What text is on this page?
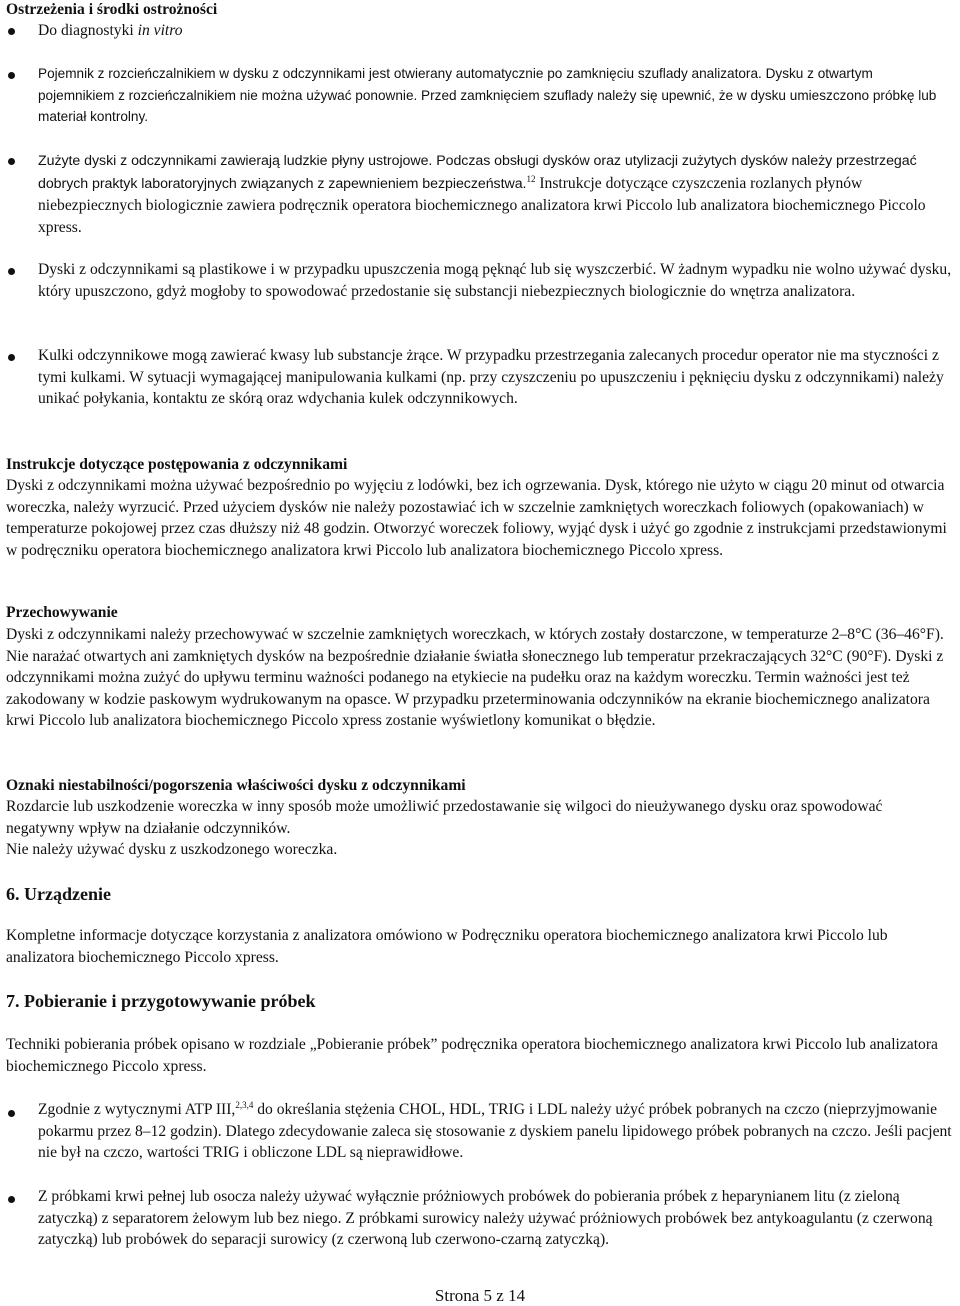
Ostrzeżenia i środki ostrożności

Do diagnostyki in vitro

Pojemnik z rozcieńczalnikiem w dysku z odczynnikami jest otwierany automatycznie po zamknięciu szuflady analizatora. Dysku z otwartym pojemnikiem z rozcieńczalnikiem nie można używać ponownie. Przed zamknięciem szuflady należy się upewnić, że w dysku umieszczono próbkę lub materiał kontrolny.

Zużyte dyski z odczynnikami zawierają ludzkie płyny ustrojowe. Podczas obsługi dysków oraz utylizacji zużytych dysków należy przestrzegać dobrych praktyk laboratoryjnych związanych z zapewnieniem bezpieczeństwa.$^{12}$ Instrukcje dotyczące czyszczenia rozlanych płynów niebezpiecznych biologicznie zawiera podręcznik operatora biochemicznego analizatora krwi Piccolo lub analizatora biochemicznego Piccolo xpress.

Dyski z odczynnikami są plastikowe i w przypadku upuszczenia mogą pęknąć lub się wyszczerbić. W żadnym wypadku nie wolno używać dysku, który upuszczono, gdyż mogłoby to spowodować przedostanie się substancji niebezpiecznych biologicznie do wnętrza analizatora.

Kulki odczynnikowe mogą zawierać kwasy lub substancje żrące. W przypadku przestrzegania zalecanych procedur operator nie ma styczności z tymi kulkami. W sytuacji wymagającej manipulowania kulkami (np. przy czyszczeniu po upuszczeniu i pęknięciu dysku z odczynnikami) należy unikać połykania, kontaktu ze skórą oraz wdychania kulek odczynnikowych.

Instrukcje dotyczące postępowania z odczynnikami

Dyski z odczynnikami można używać bezpośrednio po wyjęciu z lodówki, bez ich ogrzewania. Dysk, którego nie użyto w ciągu 20 minut od otwarcia woreczka, należy wyrzucić. Przed użyciem dysków nie należy pozostawiać ich w szczelnie zamkniętych woreczkach foliowych (opakowaniach) w temperaturze pokojowej przez czas dłuższy niż 48 godzin. Otworzyć woreczek foliowy, wyjąć dysk i użyć go zgodnie z instrukcjami przedstawionymi w podręczniku operatora biochemicznego analizatora krwi Piccolo lub analizatora biochemicznego Piccolo xpress.

Przechowywanie

Dyski z odczynnikami należy przechowywać w szczelnie zamkniętych woreczkach, w których zostały dostarczone, w temperaturze 2–8°C (36–46°F). Nie narażać otwartych ani zamkniętych dysków na bezpośrednie działanie światła słonecznego lub temperatur przekraczających 32°C (90°F). Dyski z odczynnikami można zużyć do upływu terminu ważności podanego na etykiecie na pudełku oraz na każdym woreczku. Termin ważności jest też zakodowany w kodzie paskowym wydrukowanym na opasce. W przypadku przeterminowania odczynników na ekranie biochemicznego analizatora krwi Piccolo lub analizatora biochemicznego Piccolo xpress zostanie wyświetlony komunikat o błędzie.

Oznaki niestabilności/pogorszenia właściwości dysku z odczynnikami

Rozdarcie lub uszkodzenie woreczka w inny sposób może umożliwić przedostawanie się wilgoci do nieużywanego dysku oraz spowodować negatywny wpływ na działanie odczynników.

Nie należy używać dysku z uszkodzonego woreczka.

6. Urządzenie

Kompletne informacje dotyczące korzystania z analizatora omówiono w Podręczniku operatora biochemicznego analizatora krwi Piccolo lub analizatora biochemicznego Piccolo xpress.

7. Pobieranie i przygotowywanie próbek

Techniki pobierania próbek opisano w rozdziale „Pobieranie próbek” podręcznika operatora biochemicznego analizatora krwi Piccolo lub analizatora biochemicznego Piccolo xpress.

Zgodnie z wytycznymi ATP III,$^{2,3,4}$ do określania stężenia CHOL, HDL, TRIG i LDL należy użyć próbek pobranych na czczo (nieprzyjmowanie pokarmu przez 8–12 godzin). Dlatego zdecydowanie zaleca się stosowanie z dyskiem panelu lipidowego próbek pobranych na czczo. Jeśli pacjent nie był na czczo, wartości TRIG i obliczone LDL są nieprawidłowe.

Z próbkami krwi pełnej lub osocza należy używać wyłącznie próżniowych probówek do pobierania próbek z heparynianem litu (z zieloną zatyczką) z separatorem żelowym lub bez niego. Z próbkami surowicy należy używać próżniowych probówek bez antykoagulantu (z czerwoną zatyczką) lub probówek do separacji surowicy (z czerwoną lub czerwono-czarną zatyczką).

Strona 5 z 14
